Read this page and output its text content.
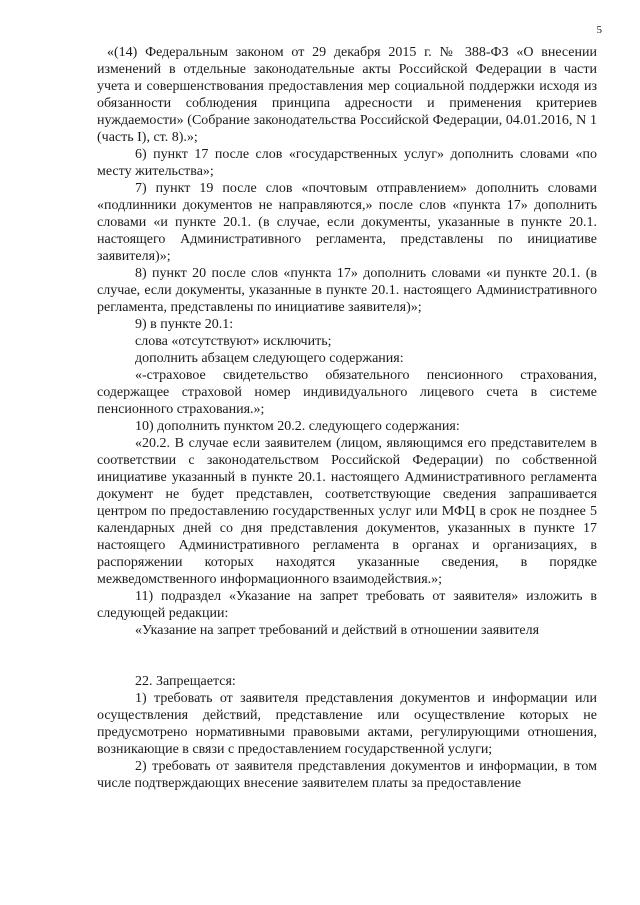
5

«(14) Федеральным законом от 29 декабря 2015 г. № 388-ФЗ «О внесении изменений в отдельные законодательные акты Российской Федерации в части учета и совершенствования предоставления мер социальной поддержки исходя из обязанности соблюдения принципа адресности и применения критериев нуждаемости» (Собрание законодательства Российской Федерации, 04.01.2016, N 1 (часть I), ст. 8).»;

6) пункт 17 после слов «государственных услуг» дополнить словами «по месту жительства»;

7) пункт 19 после слов «почтовым отправлением» дополнить словами «подлинники документов не направляются,» после слов «пункта 17» дополнить словами «и пункте 20.1. (в случае, если документы, указанные в пункте 20.1. настоящего Административного регламента, представлены по инициативе заявителя)»;

8) пункт 20 после слов «пункта 17» дополнить словами «и пункте 20.1. (в случае, если документы, указанные в пункте 20.1. настоящего Административного регламента, представлены по инициативе заявителя)»;

9) в пункте 20.1:

слова «отсутствуют» исключить;

дополнить абзацем следующего содержания:

«-страховое свидетельство обязательного пенсионного страхования, содержащее страховой номер индивидуального лицевого счета в системе пенсионного страхования.»;

10) дополнить пунктом 20.2. следующего содержания:

«20.2. В случае если заявителем (лицом, являющимся его представителем в соответствии с законодательством Российской Федерации) по собственной инициативе указанный в пункте 20.1. настоящего Административного регламента документ не будет представлен, соответствующие сведения запрашивается центром по предоставлению государственных услуг или МФЦ в срок не позднее 5 календарных дней со дня представления документов, указанных в пункте 17 настоящего Административного регламента в органах и организациях, в распоряжении которых находятся указанные сведения, в порядке межведомственного информационного взаимодействия.»;

11) подраздел «Указание на запрет требовать от заявителя» изложить в следующей редакции:

«Указание на запрет требований и действий в отношении заявителя

22. Запрещается:

1) требовать от заявителя представления документов и информации или осуществления действий, представление или осуществление которых не предусмотрено нормативными правовыми актами, регулирующими отношения, возникающие в связи с предоставлением государственной услуги;

2) требовать от заявителя представления документов и информации, в том числе подтверждающих внесение заявителем платы за предоставление
